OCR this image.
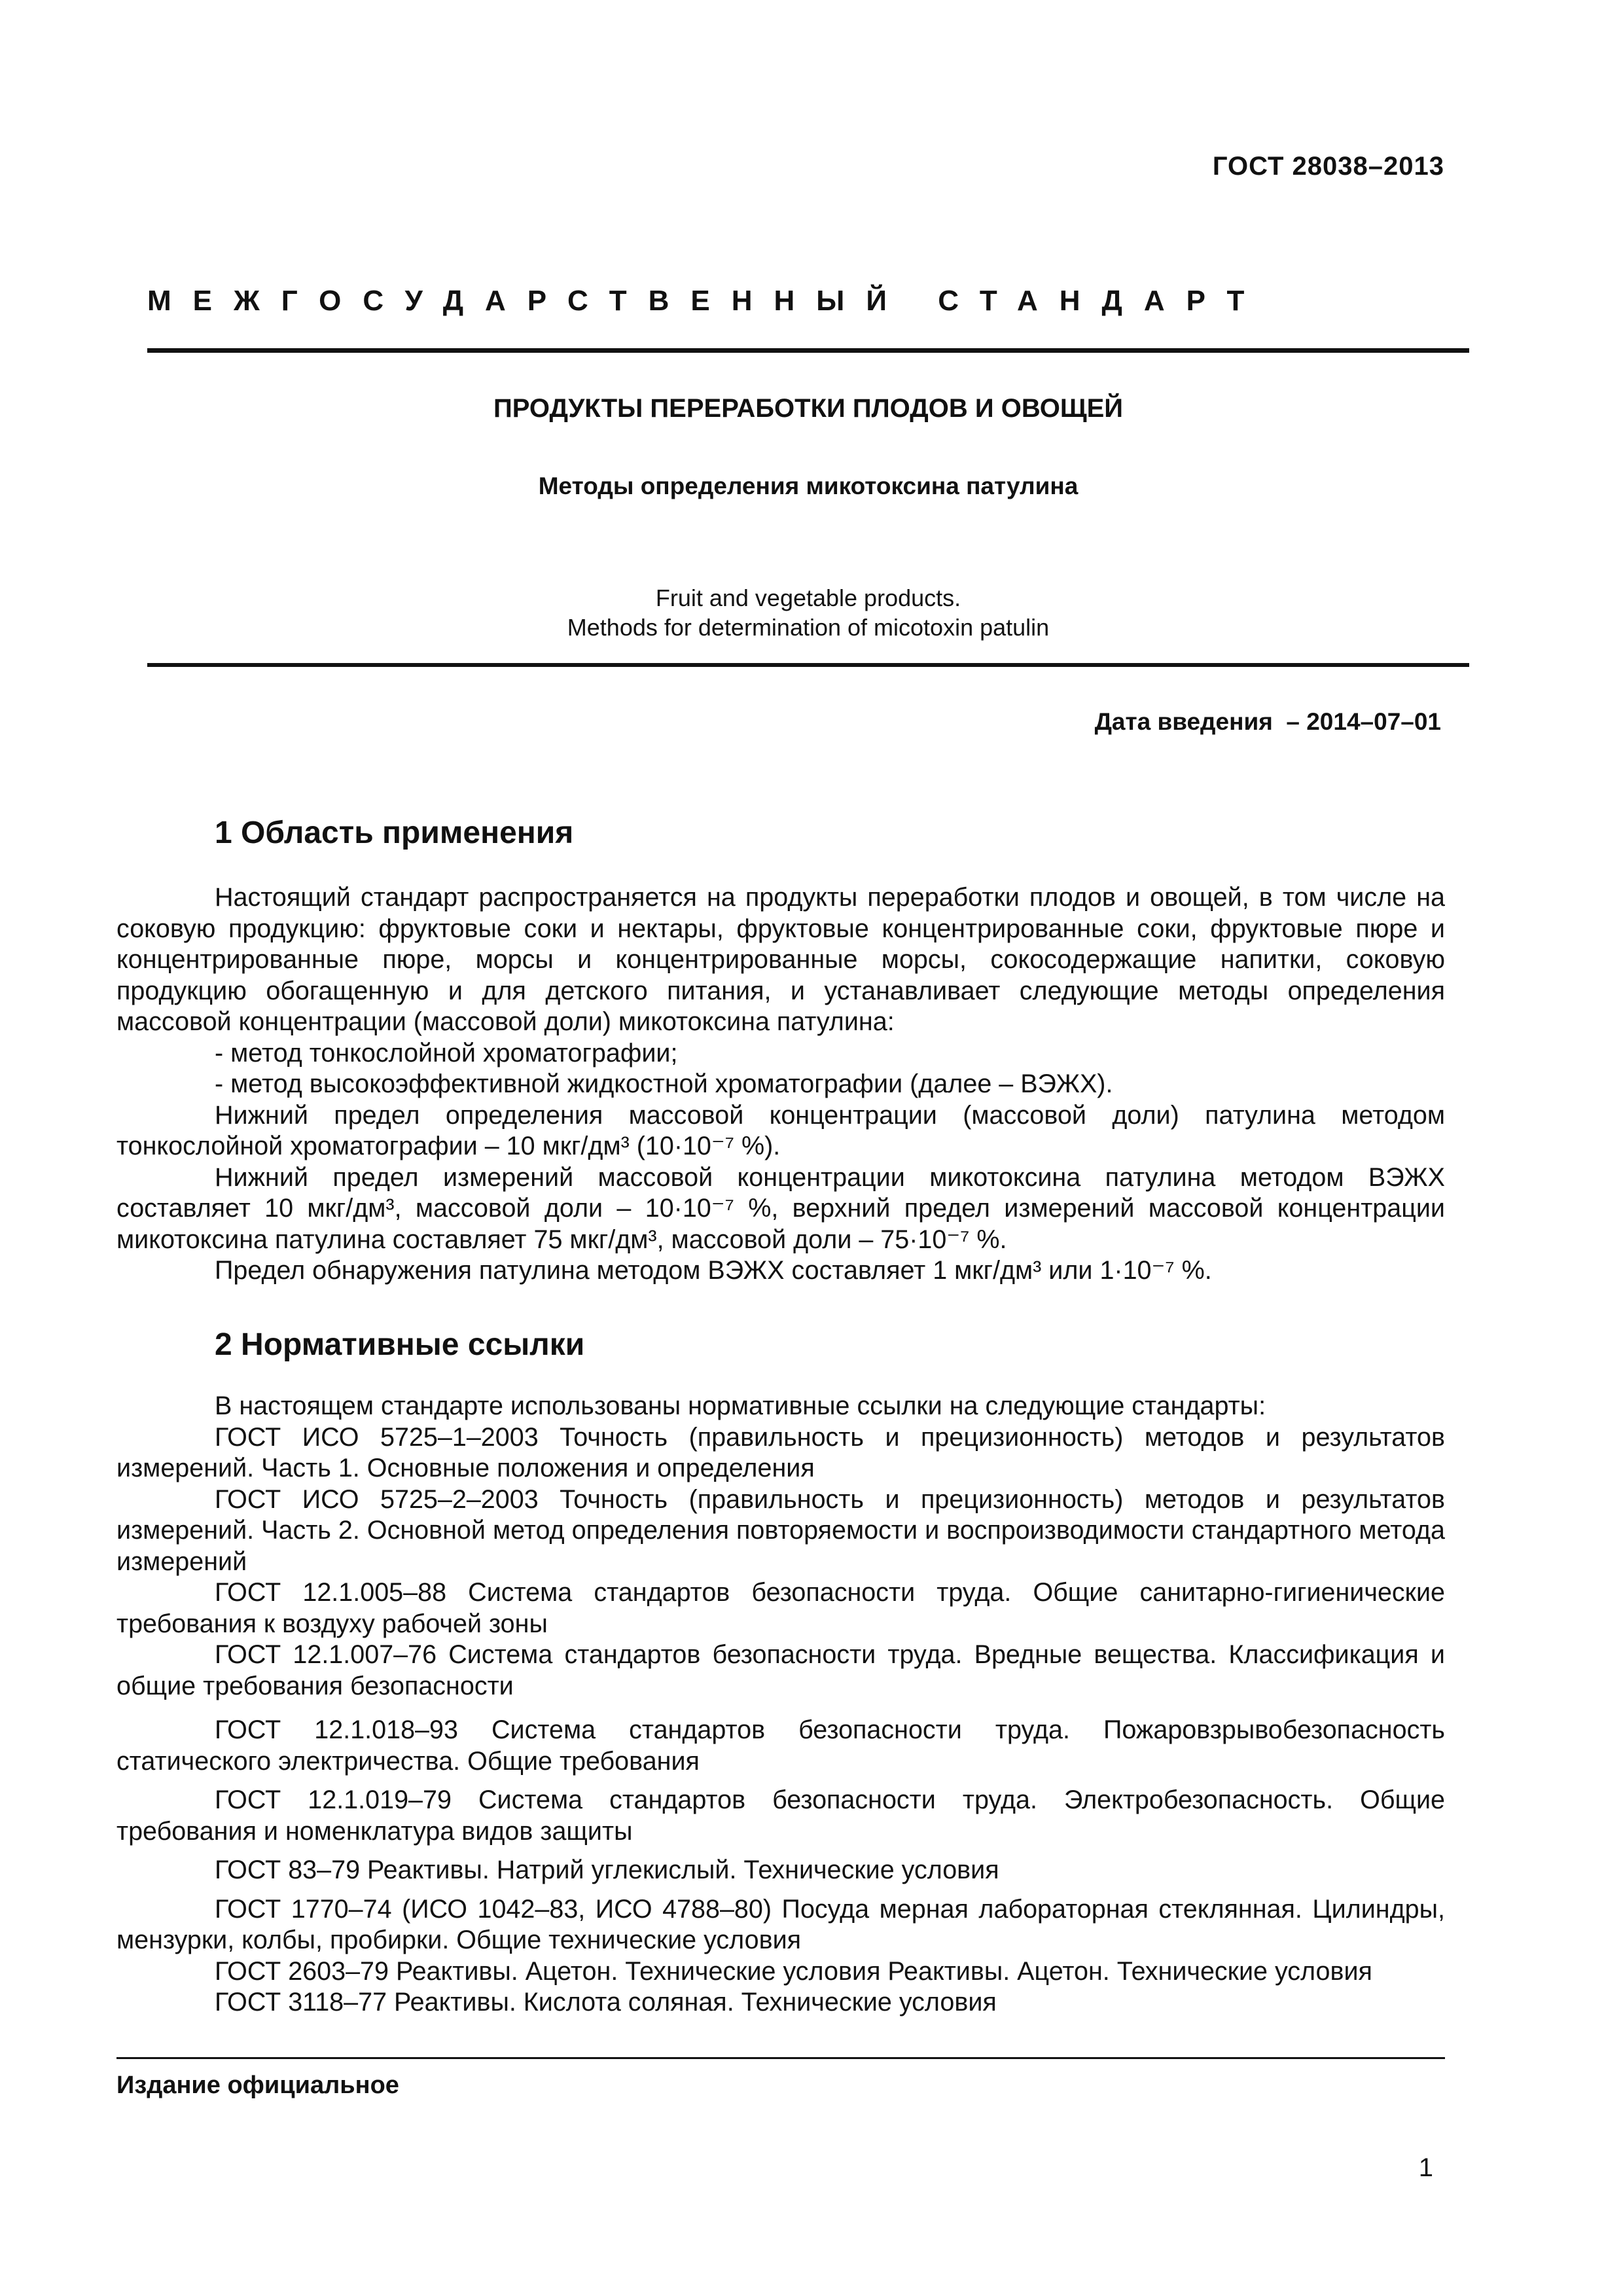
ГОСТ 28038–2013
МЕЖГОСУДАРСТВЕННЫЙ СТАНДАРТ
ПРОДУКТЫ ПЕРЕРАБОТКИ ПЛОДОВ И ОВОЩЕЙ
Методы определения микотоксина патулина
Fruit and vegetable products.
Methods for determination of micotoxin patulin
Дата введения  – 2014–07–01
1 Область применения

Настоящий стандарт распространяется на продукты переработки плодов и овощей, в том числе на соковую продукцию: фруктовые соки и нектары, фруктовые концентрированные соки, фруктовые пюре и концентрированные пюре, морсы и концентрированные морсы, сокосодержащие напитки, соковую продукцию обогащенную и для детского питания, и устанавливает следующие методы определения массовой концентрации (массовой доли) микотоксина патулина:

- метод тонкослойной хроматографии;

- метод высокоэффективной жидкостной хроматографии (далее – ВЭЖХ).

Нижний предел определения массовой концентрации (массовой доли) патулина методом тонкослойной хроматографии – 10 мкг/дм³ (10·10⁻⁷ %).

Нижний предел измерений массовой концентрации микотоксина патулина методом ВЭЖХ составляет 10 мкг/дм³, массовой доли – 10·10⁻⁷ %, верхний предел измерений массовой концентрации микотоксина патулина составляет 75 мкг/дм³, массовой доли – 75·10⁻⁷ %.

Предел обнаружения патулина методом ВЭЖХ составляет 1 мкг/дм³ или 1·10⁻⁷ %.

2 Нормативные ссылки

В настоящем стандарте использованы нормативные ссылки на следующие стандарты:

ГОСТ ИСО 5725–1–2003 Точность (правильность и прецизионность) методов и результатов измерений. Часть 1. Основные положения и определения

ГОСТ ИСО 5725–2–2003 Точность (правильность и прецизионность) методов и результатов измерений. Часть 2. Основной метод определения повторяемости и воспроизводимости стандартного метода измерений

ГОСТ 12.1.005–88 Система стандартов безопасности труда. Общие санитарно-гигиенические требования к воздуху рабочей зоны

ГОСТ 12.1.007–76 Система стандартов безопасности труда. Вредные вещества. Классификация и общие требования безопасности

ГОСТ 12.1.018–93 Система стандартов безопасности труда. Пожаровзрывобезопасность статического электричества. Общие требования

ГОСТ 12.1.019–79 Система стандартов безопасности труда. Электробезопасность. Общие требования и номенклатура видов защиты

ГОСТ 83–79 Реактивы. Натрий углекислый. Технические условия

ГОСТ 1770–74 (ИСО 1042–83, ИСО 4788–80) Посуда мерная лабораторная стеклянная. Цилиндры, мензурки, колбы, пробирки. Общие технические условия

ГОСТ 2603–79 Реактивы. Ацетон. Технические условия Реактивы. Ацетон. Технические условия

ГОСТ 3118–77 Реактивы. Кислота соляная. Технические условия

Издание официальное
1
